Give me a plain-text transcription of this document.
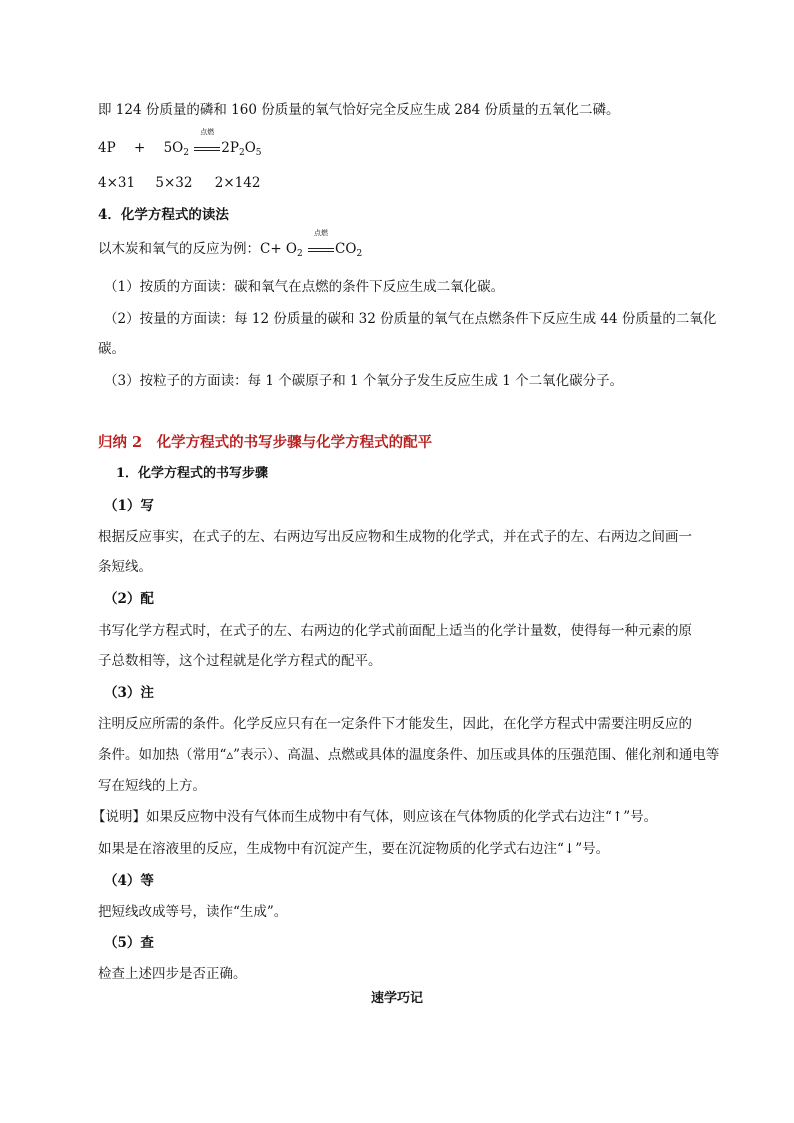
即 124 份质量的磷和 160 份质量的氧气恰好完全反应生成 284 份质量的五氧化二磷。
$4P + 5O_2$
点燃
$2P_2O_5$
4×31 5×32 2×142
4．化学方程式的读法
以木炭和氧气的反应为例：$C+ O_2$
点燃
$CO_2$
（1）按质的方面读：碳和氧气在点燃的条件下反应生成二氧化碳。
（2）按量的方面读：每 12 份质量的碳和 32 份质量的氧气在点燃条件下反应生成 44 份质量的二氧化
碳。
（3）按粒子的方面读：每 1 个碳原子和 1 个氧分子发生反应生成 1 个二氧化碳分子。
归纳 2　化学方程式的书写步骤与化学方程式的配平
1．化学方程式的书写步骤
（1）写
根据反应事实，在式子的左、右两边写出反应物和生成物的化学式，并在式子的左、右两边之间画一
条短线。
（2）配
书写化学方程式时，在式子的左、右两边的化学式前面配上适当的化学计量数，使得每一种元素的原
子总数相等，这个过程就是化学方程式的配平。
（3）注
注明反应所需的条件。化学反应只有在一定条件下才能发生，因此，在化学方程式中需要注明反应的
条件。如加热（常用“▵”表示）、高温、点燃或具体的温度条件、加压或具体的压强范围、催化剂和通电等
写在短线的上方。
【说明】如果反应物中没有气体而生成物中有气体，则应该在气体物质的化学式右边注“↑”号。
如果是在溶液里的反应，生成物中有沉淀产生，要在沉淀物质的化学式右边注“↓”号。
（4）等
把短线改成等号，读作“生成”。
（5）查
检查上述四步是否正确。
速学巧记
